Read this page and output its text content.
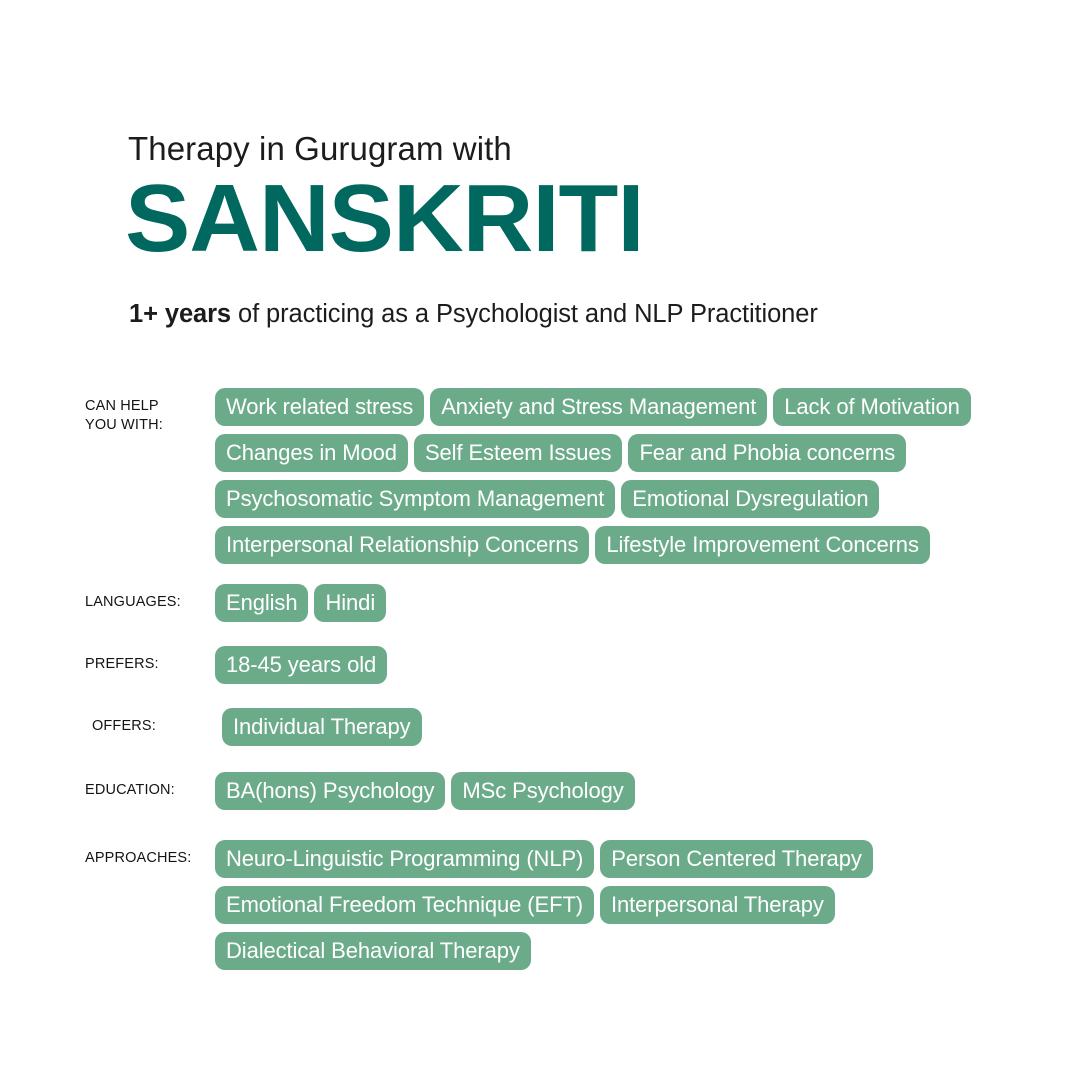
Therapy in Gurugram with
SANSKRITI
1+ years of practicing as a Psychologist and NLP Practitioner
CAN HELP
YOU WITH:
Work related stress	Anxiety and Stress Management	Lack of Motivation
Changes in Mood	Self Esteem Issues	Fear and Phobia concerns
Psychosomatic Symptom Management	Emotional Dysregulation
Interpersonal Relationship Concerns	Lifestyle Improvement Concerns
LANGUAGES:	English	Hindi
PREFERS:	18-45 years old
OFFERS:	Individual Therapy
EDUCATION:	BA(hons) Psychology	MSc Psychology
APPROACHES:	Neuro-Linguistic Programming (NLP)	Person Centered Therapy
Emotional Freedom Technique (EFT)	Interpersonal Therapy
Dialectical Behavioral Therapy
